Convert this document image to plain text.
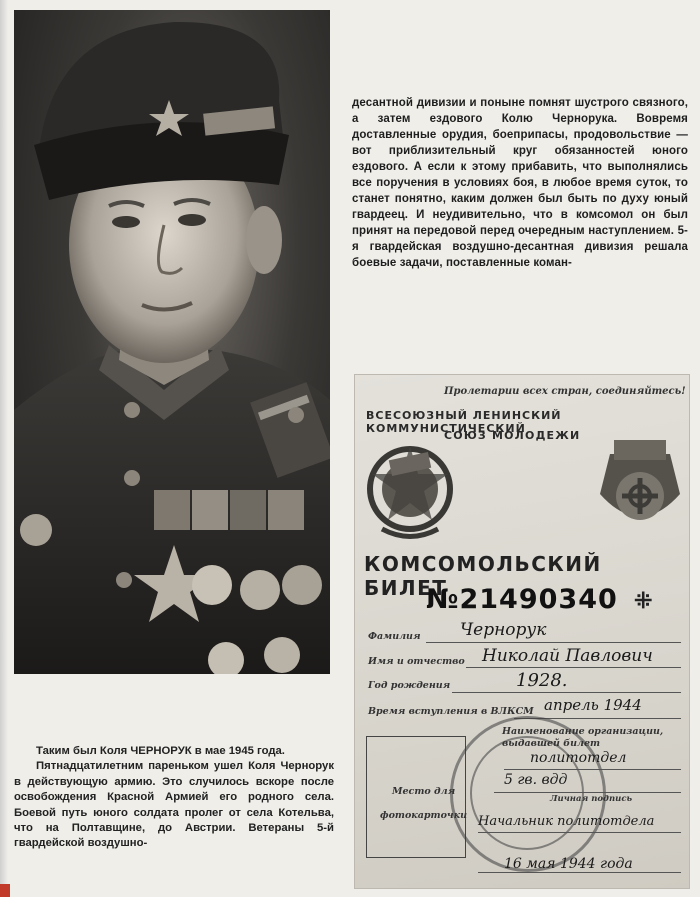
десантной дивизии и поныне помнят шустрого связного, а затем ездового Колю Чернорука. Вовремя доставленные орудия, боеприпасы, продовольствие — вот приблизительный круг обязанностей юного ездового. А если к этому прибавить, что выполнялись все поручения в условиях боя, в любое время суток, то станет понятно, каким должен был быть по духу юный гвардеец. И неудивительно, что в комсомол он был принят на передовой перед очередным наступлением. 5-я гвардейская воздушно-десантная дивизия решала боевые задачи, поставленные коман-

Таким был Коля ЧЕРНОРУК в мае 1945 года.

Пятнадцатилетним пареньком ушел Коля Чернорук в действующую армию. Это случилось вскоре после освобождения Красной Армией его родного села. Боевой путь юного солдата пролег от села Котельва, что на Полтавщине, до Австрии. Ветераны 5-й гвардейской воздушно-

Пролетарии всех стран, соединяйтесь!
ВСЕСОЮЗНЫЙ ЛЕНИНСКИЙ КОММУНИСТИЧЕСКИЙ
СОЮЗ МОЛОДЕЖИ
КОМСОМОЛЬСКИЙ БИЛЕТ
№21490340 ⁜
Фамилия Чернорук
Имя и отчество Николай Павлович
Год рождения	1928.
Время вступления в ВЛКСМ апрель 1944
Место для
фотокарточки
Наименование организации, выдавшей билет
политотдел
5 гв. вдд
Личная подпись
Начальник политотдела
16 мая 1944 года
